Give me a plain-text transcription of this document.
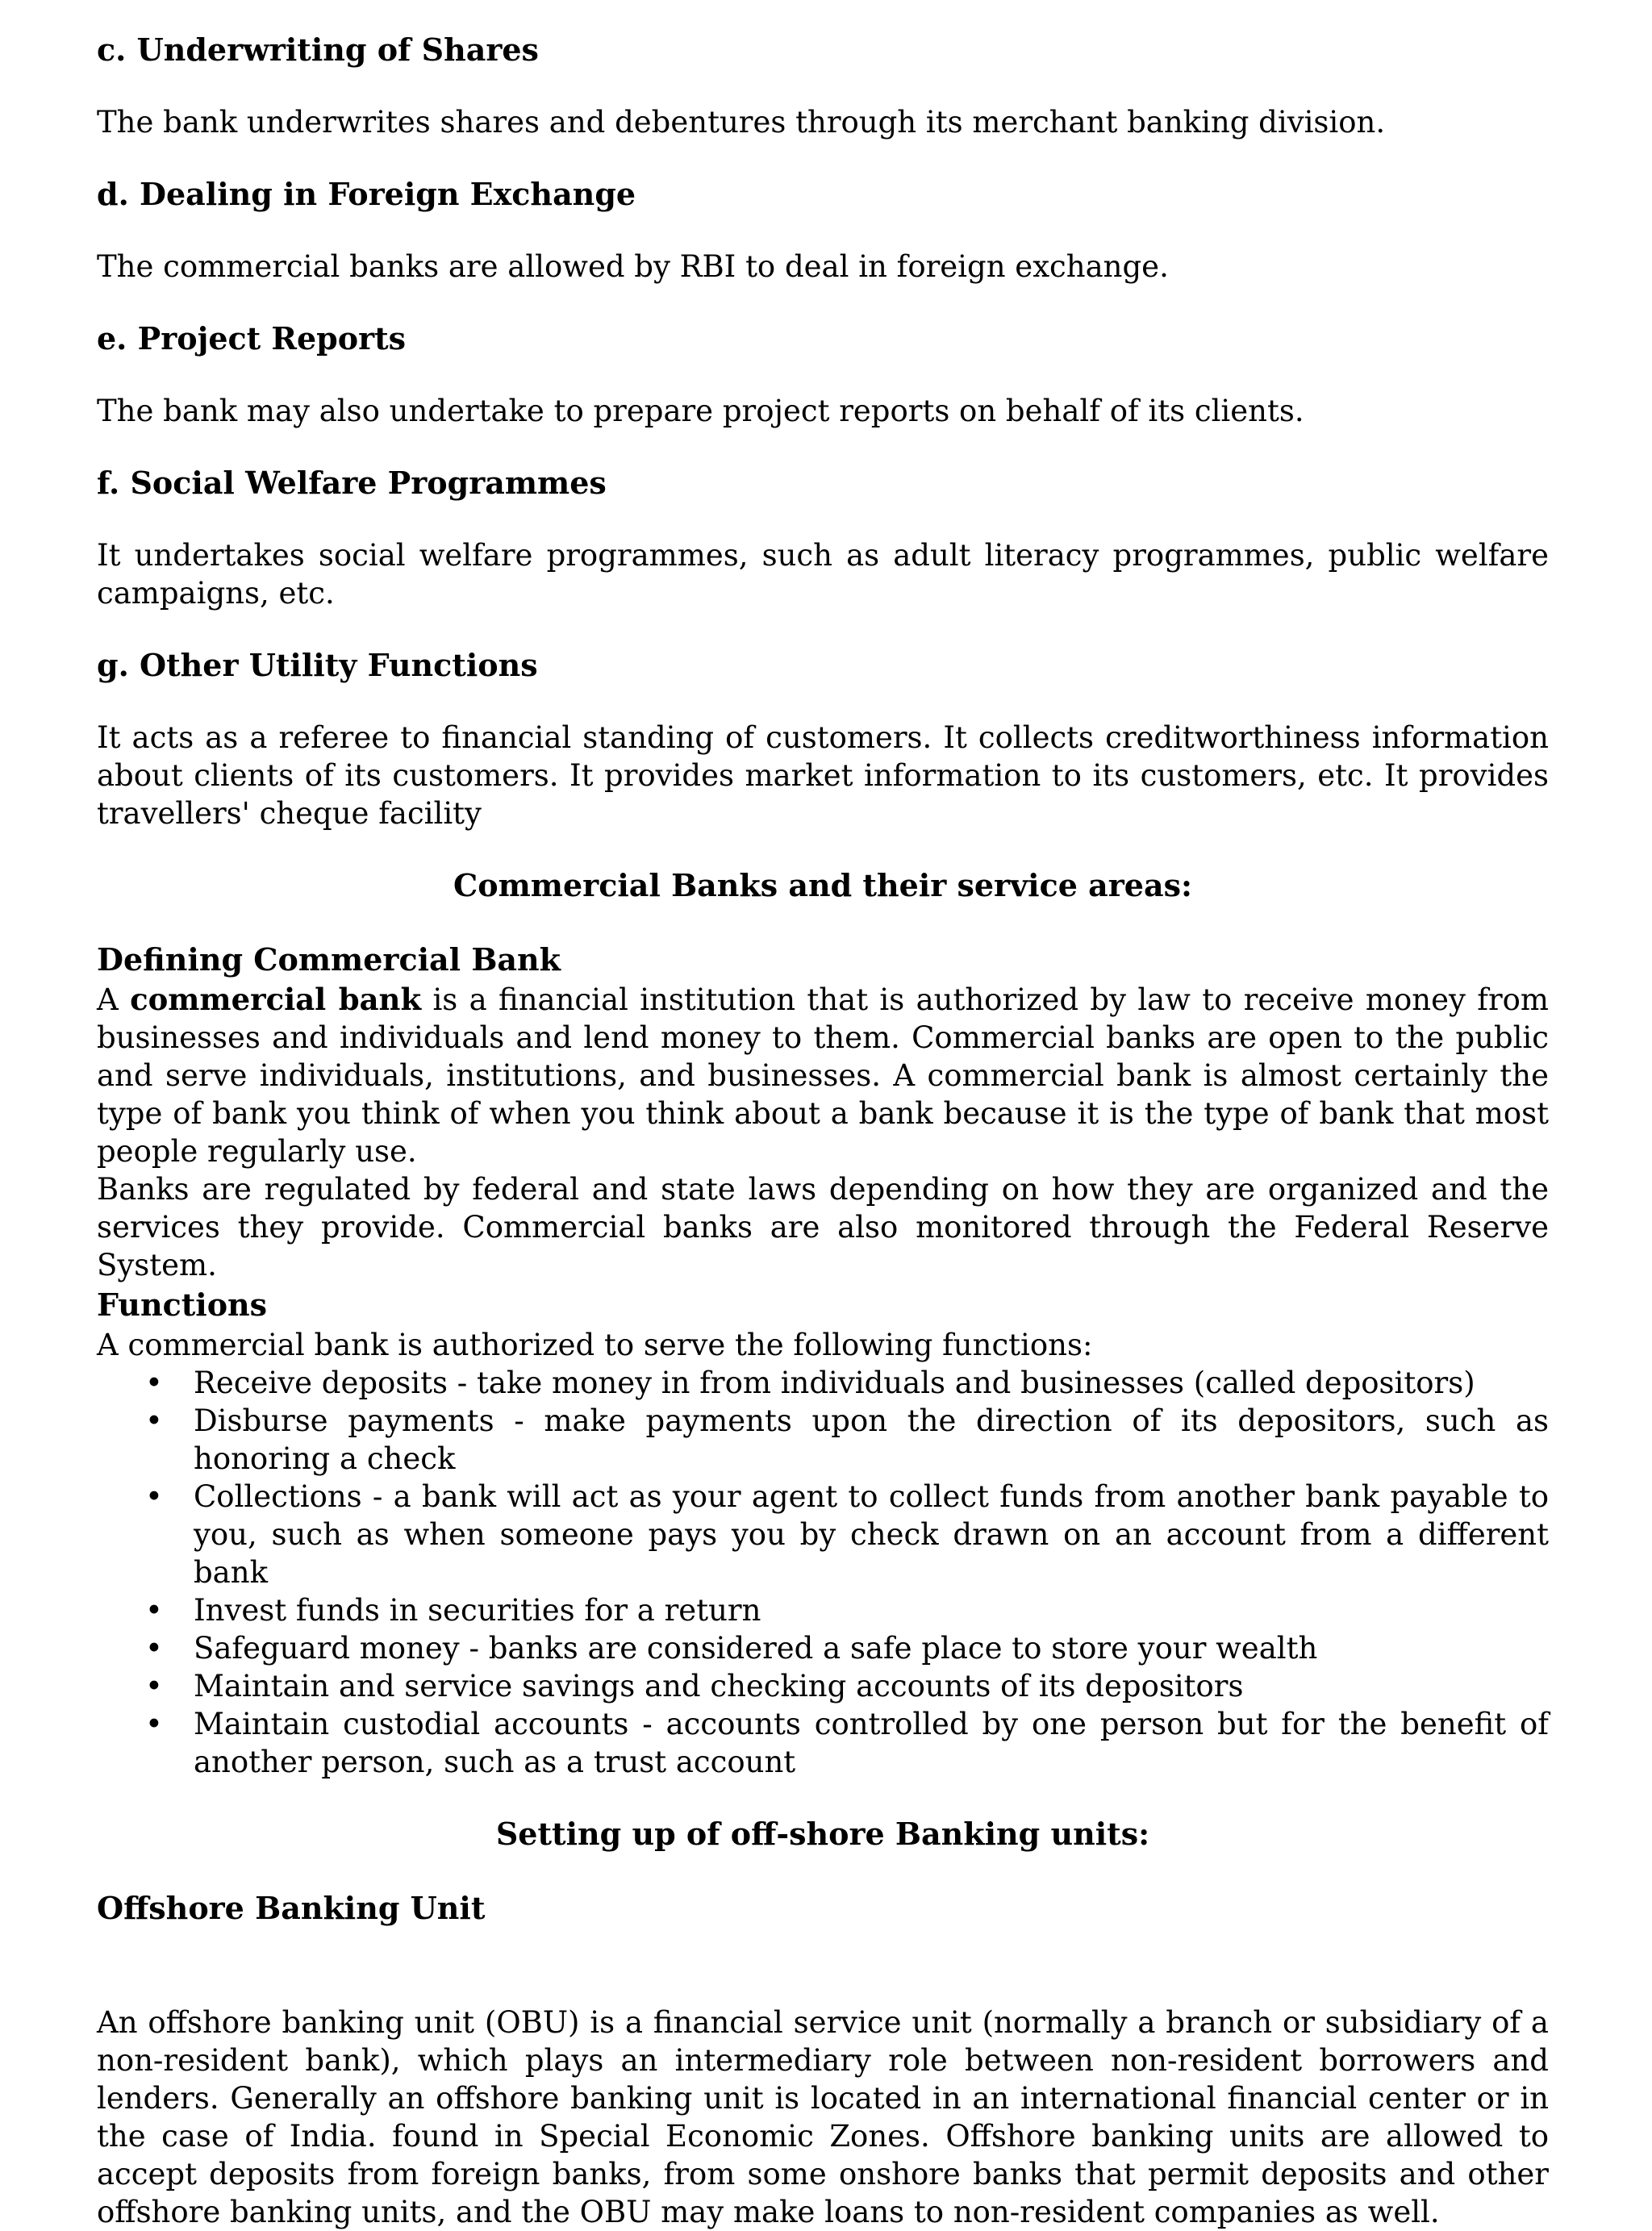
c. Underwriting of Shares

The bank underwrites shares and debentures through its merchant banking division.

d. Dealing in Foreign Exchange

The commercial banks are allowed by RBI to deal in foreign exchange.

e. Project Reports

The bank may also undertake to prepare project reports on behalf of its clients.

f. Social Welfare Programmes

It undertakes social welfare programmes, such as adult literacy programmes, public welfare campaigns, etc.

g. Other Utility Functions

It acts as a referee to financial standing of customers. It collects creditworthiness information about clients of its customers. It provides market information to its customers, etc. It provides travellers' cheque facility

Commercial Banks and their service areas:

Defining Commercial Bank

A commercial bank is a financial institution that is authorized by law to receive money from businesses and individuals and lend money to them. Commercial banks are open to the public and serve individuals, institutions, and businesses. A commercial bank is almost certainly the type of bank you think of when you think about a bank because it is the type of bank that most people regularly use.

Banks are regulated by federal and state laws depending on how they are organized and the services they provide. Commercial banks are also monitored through the Federal Reserve System.

Functions

A commercial bank is authorized to serve the following functions:

• Receive deposits - take money in from individuals and businesses (called depositors)
• Disburse payments - make payments upon the direction of its depositors, such as honoring a check
• Collections - a bank will act as your agent to collect funds from another bank payable to you, such as when someone pays you by check drawn on an account from a different bank
• Invest funds in securities for a return
• Safeguard money - banks are considered a safe place to store your wealth
• Maintain and service savings and checking accounts of its depositors
• Maintain custodial accounts - accounts controlled by one person but for the benefit of another person, such as a trust account

Setting up of off-shore Banking units:

Offshore Banking Unit

An offshore banking unit (OBU) is a financial service unit (normally a branch or subsidiary of a non-resident bank), which plays an intermediary role between non-resident borrowers and lenders. Generally an offshore banking unit is located in an international financial center or in the case of India. found in Special Economic Zones. Offshore banking units are allowed to accept deposits from foreign banks, from some onshore banks that permit deposits and other offshore banking units, and the OBU may make loans to non-resident companies as well.
